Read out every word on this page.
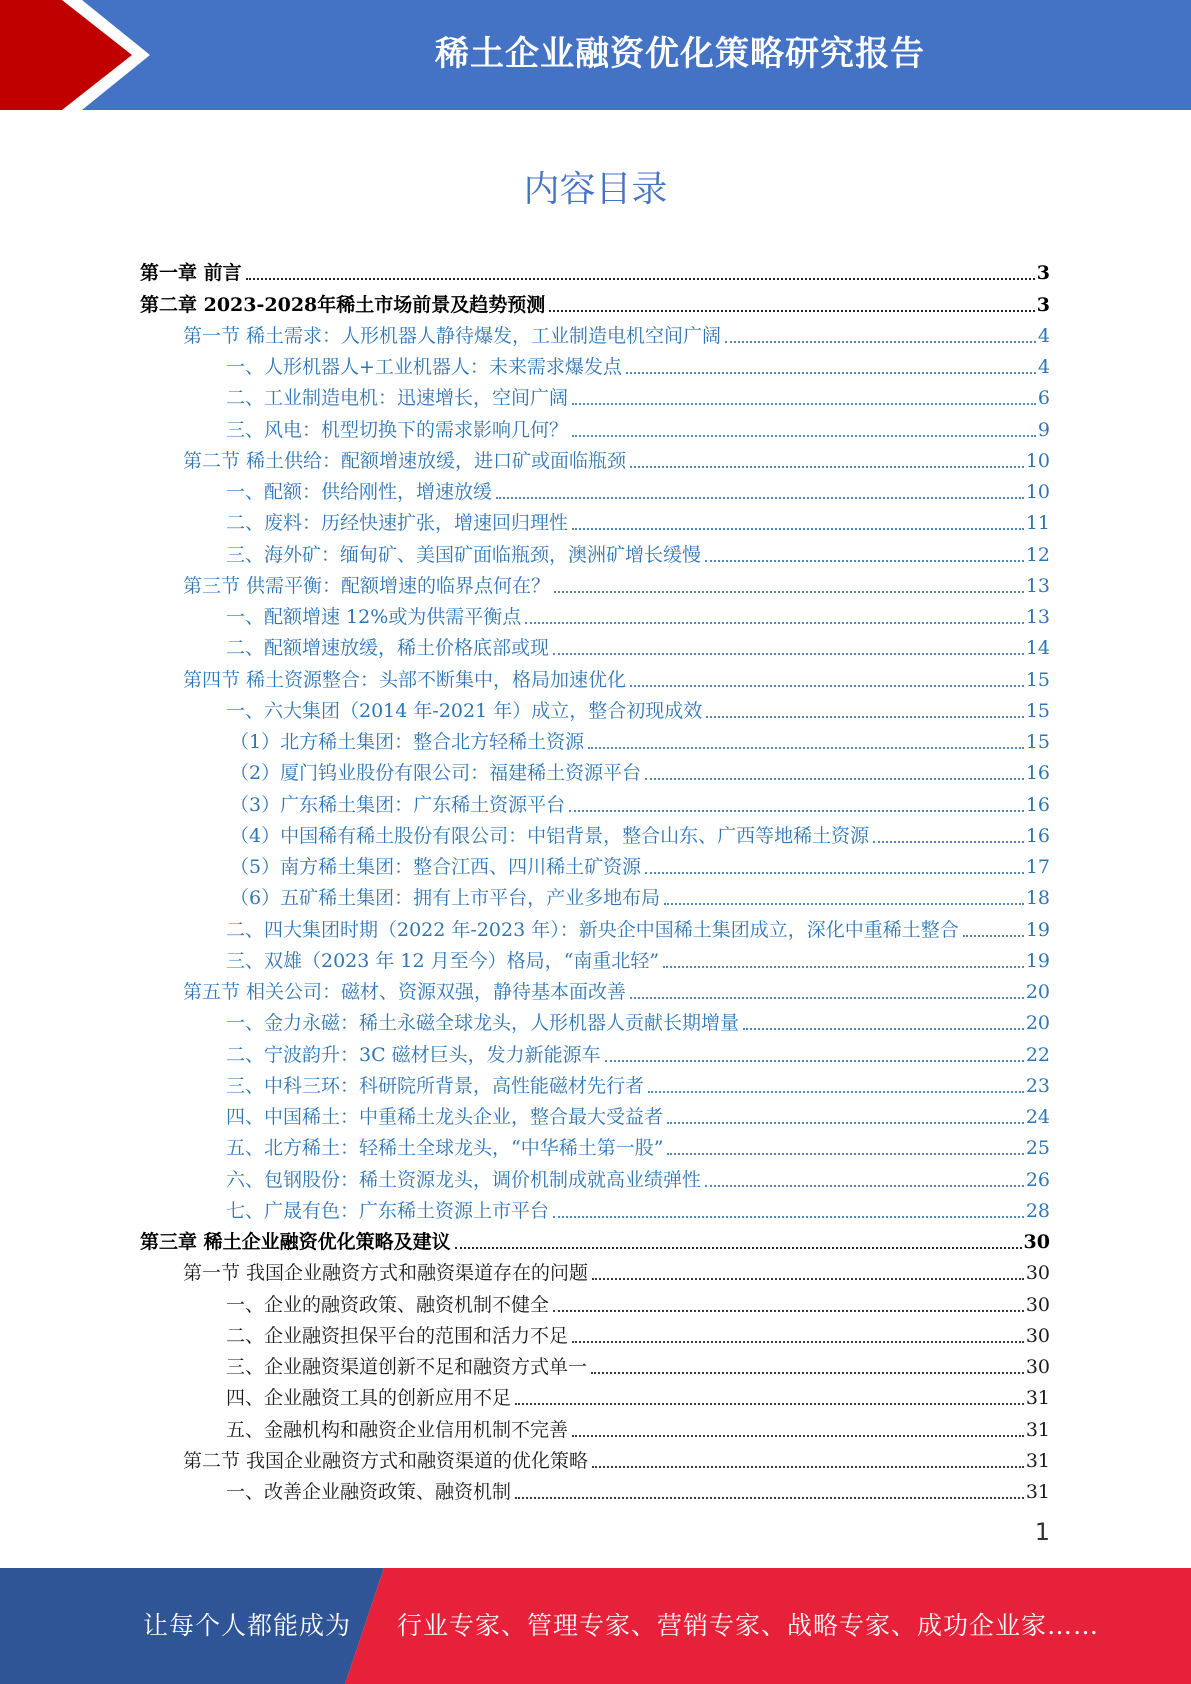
稀土企业融资优化策略研究报告
内容目录
第一章 前言	3
第二章 2023-2028年稀土市场前景及趋势预测	3
第一节 稀土需求：人形机器人静待爆发，工业制造电机空间广阔	4
一、人形机器人+工业机器人：未来需求爆发点	4
二、工业制造电机：迅速增长，空间广阔	6
三、风电：机型切换下的需求影响几何？	9
第二节 稀土供给：配额增速放缓，进口矿或面临瓶颈	10
一、配额：供给刚性，增速放缓	10
二、废料：历经快速扩张，增速回归理性	11
三、海外矿：缅甸矿、美国矿面临瓶颈，澳洲矿增长缓慢	12
第三节 供需平衡：配额增速的临界点何在？	13
一、配额增速 12%或为供需平衡点	13
二、配额增速放缓，稀土价格底部或现	14
第四节 稀土资源整合：头部不断集中，格局加速优化	15
一、六大集团（2014 年-2021 年）成立，整合初现成效	15
（1）北方稀土集团：整合北方轻稀土资源	15
（2）厦门钨业股份有限公司：福建稀土资源平台	16
（3）广东稀土集团：广东稀土资源平台	16
（4）中国稀有稀土股份有限公司：中铝背景，整合山东、广西等地稀土资源	16
（5）南方稀土集团：整合江西、四川稀土矿资源	17
（6）五矿稀土集团：拥有上市平台，产业多地布局	18
二、四大集团时期（2022 年-2023 年）：新央企中国稀土集团成立，深化中重稀土整合	19
三、双雄（2023 年 12 月至今）格局，“南重北轻”	19
第五节 相关公司：磁材、资源双强，静待基本面改善	20
一、金力永磁：稀土永磁全球龙头，人形机器人贡献长期增量	20
二、宁波韵升：3C 磁材巨头，发力新能源车	22
三、中科三环：科研院所背景，高性能磁材先行者	23
四、中国稀土：中重稀土龙头企业，整合最大受益者	24
五、北方稀土：轻稀土全球龙头，“中华稀土第一股”	25
六、包钢股份：稀土资源龙头，调价机制成就高业绩弹性	26
七、广晟有色：广东稀土资源上市平台	28
第三章 稀土企业融资优化策略及建议	30
第一节 我国企业融资方式和融资渠道存在的问题	30
一、企业的融资政策、融资机制不健全	30
二、企业融资担保平台的范围和活力不足	30
三、企业融资渠道创新不足和融资方式单一	30
四、企业融资工具的创新应用不足	31
五、金融机构和融资企业信用机制不完善	31
第二节 我国企业融资方式和融资渠道的优化策略	31
一、改善企业融资政策、融资机制	31
1
让每个人都能成为 行业专家、管理专家、营销专家、战略专家、成功企业家……
